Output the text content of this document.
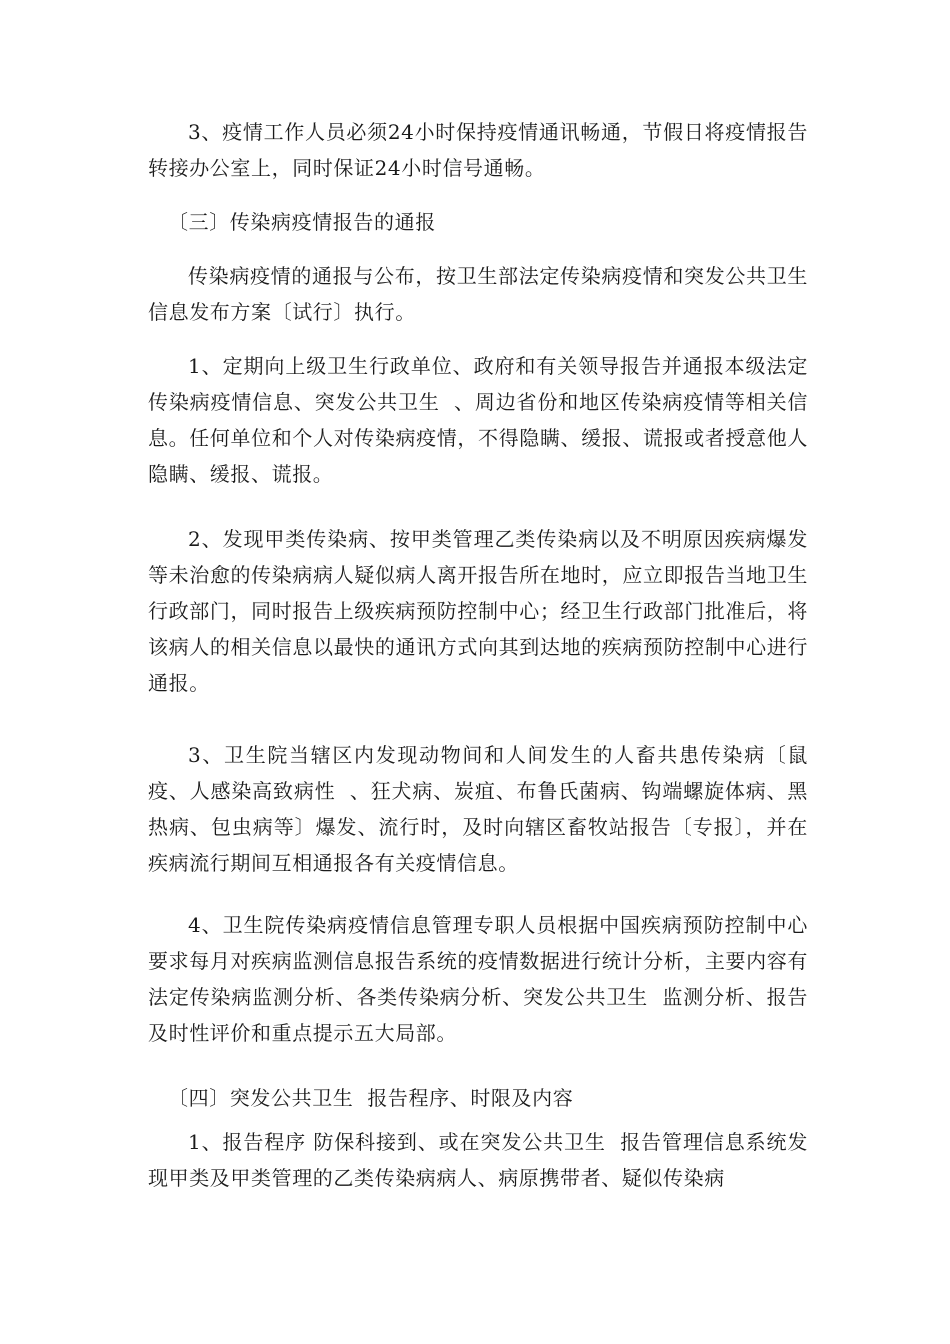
3、疫情工作人员必须24小时保持疫情通讯畅通，节假日将疫情报告转接办公室上，同时保证24小时信号通畅。

〔三〕传染病疫情报告的通报

传染病疫情的通报与公布，按卫生部法定传染病疫情和突发公共卫生  信息发布方案〔试行〕执行。

1、定期向上级卫生行政单位、政府和有关领导报告并通报本级法定传染病疫情信息、突发公共卫生  、周边省份和地区传染病疫情等相关信息。任何单位和个人对传染病疫情，不得隐瞒、缓报、谎报或者授意他人隐瞒、缓报、谎报。

2、发现甲类传染病、按甲类管理乙类传染病以及不明原因疾病爆发等未治愈的传染病病人疑似病人离开报告所在地时，应立即报告当地卫生行政部门，同时报告上级疾病预防控制中心；经卫生行政部门批准后，将该病人的相关信息以最快的通讯方式向其到达地的疾病预防控制中心进行通报。

3、卫生院当辖区内发现动物间和人间发生的人畜共患传染病〔鼠疫、人感染高致病性  、狂犬病、炭疽、布鲁氏菌病、钩端螺旋体病、黑热病、包虫病等〕爆发、流行时，及时向辖区畜牧站报告〔专报〕，并在疾病流行期间互相通报各有关疫情信息。

4、卫生院传染病疫情信息管理专职人员根据中国疾病预防控制中心要求每月对疾病监测信息报告系统的疫情数据进行统计分析，主要内容有法定传染病监测分析、各类传染病分析、突发公共卫生  监测分析、报告及时性评价和重点提示五大局部。

〔四〕突发公共卫生  报告程序、时限及内容

1、报告程序 防保科接到、或在突发公共卫生  报告管理信息系统发现甲类及甲类管理的乙类传染病病人、病原携带者、疑似传染病
